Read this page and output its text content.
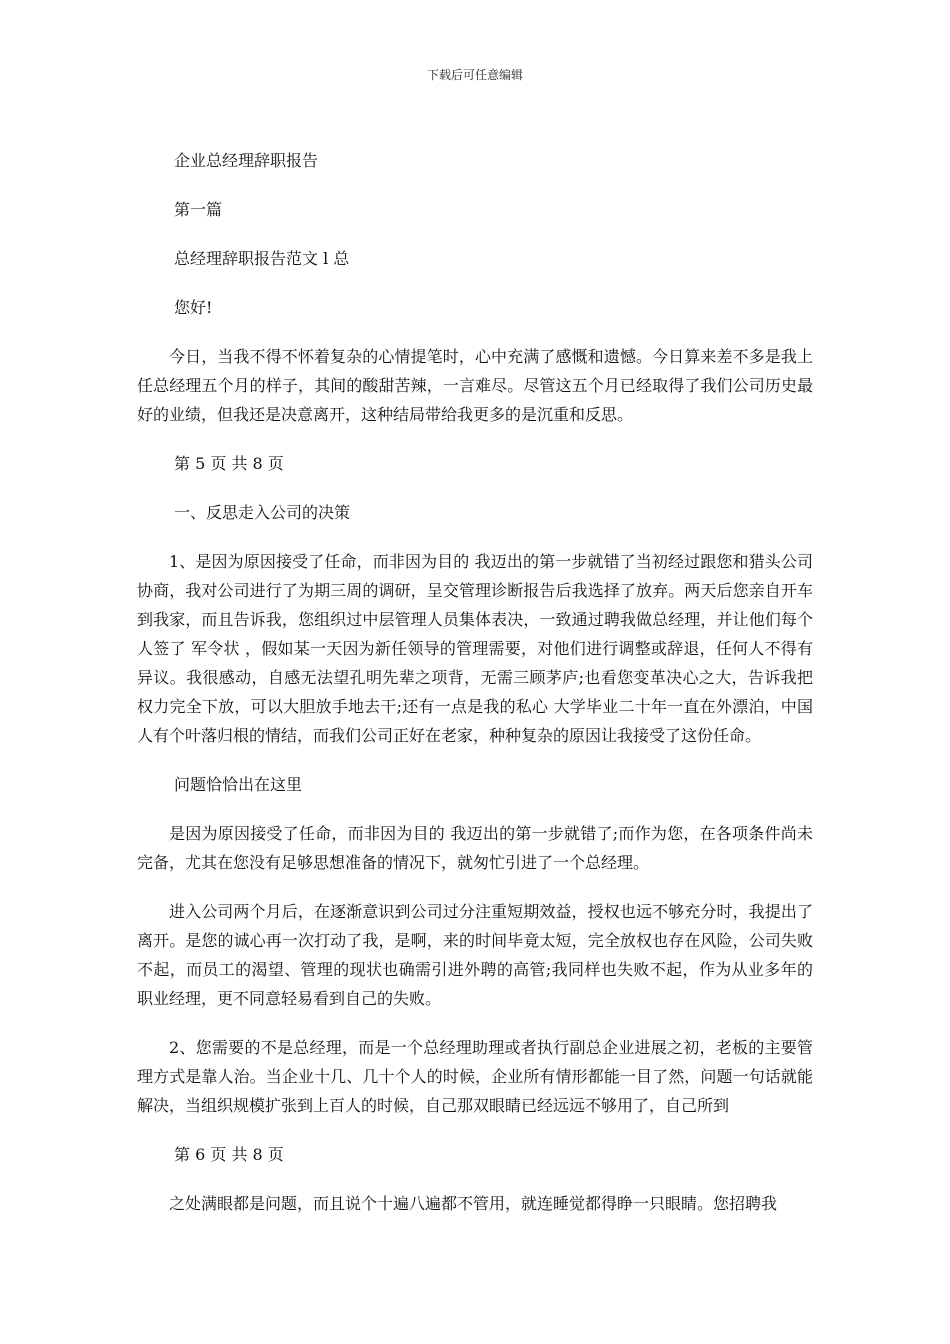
下载后可任意编辑

企业总经理辞职报告

第一篇

总经理辞职报告范文 l 总

您好!

今日，当我不得不怀着复杂的心情提笔时，心中充满了感慨和遗憾。今日算来差不多是我上任总经理五个月的样子，其间的酸甜苦辣，一言难尽。尽管这五个月已经取得了我们公司历史最好的业绩，但我还是决意离开，这种结局带给我更多的是沉重和反思。

第 5 页 共 8 页

一、反思走入公司的决策

1、是因为原因接受了任命，而非因为目的 我迈出的第一步就错了当初经过跟您和猎头公司协商，我对公司进行了为期三周的调研，呈交管理诊断报告后我选择了放弃。两天后您亲自开车到我家，而且告诉我，您组织过中层管理人员集体表决，一致通过聘我做总经理，并让他们每个人签了 军令状 ，假如某一天因为新任领导的管理需要，对他们进行调整或辞退，任何人不得有异议。我很感动，自感无法望孔明先辈之项背，无需三顾茅庐;也看您变革决心之大，告诉我把权力完全下放，可以大胆放手地去干;还有一点是我的私心 大学毕业二十年一直在外漂泊，中国人有个叶落归根的情结，而我们公司正好在老家，种种复杂的原因让我接受了这份任命。

问题恰恰出在这里

是因为原因接受了任命，而非因为目的 我迈出的第一步就错了;而作为您，在各项条件尚未完备，尤其在您没有足够思想准备的情况下，就匆忙引进了一个总经理。

进入公司两个月后，在逐渐意识到公司过分注重短期效益，授权也远不够充分时，我提出了离开。是您的诚心再一次打动了我，是啊，来的时间毕竟太短，完全放权也存在风险，公司失败不起，而员工的渴望、管理的现状也确需引进外聘的高管;我同样也失败不起，作为从业多年的职业经理，更不同意轻易看到自己的失败。

2、您需要的不是总经理，而是一个总经理助理或者执行副总企业进展之初，老板的主要管理方式是靠人治。当企业十几、几十个人的时候，企业所有情形都能一目了然，问题一句话就能解决，当组织规模扩张到上百人的时候，自己那双眼睛已经远远不够用了，自己所到

第 6 页 共 8 页

之处满眼都是问题，而且说个十遍八遍都不管用，就连睡觉都得睁一只眼睛。您招聘我
